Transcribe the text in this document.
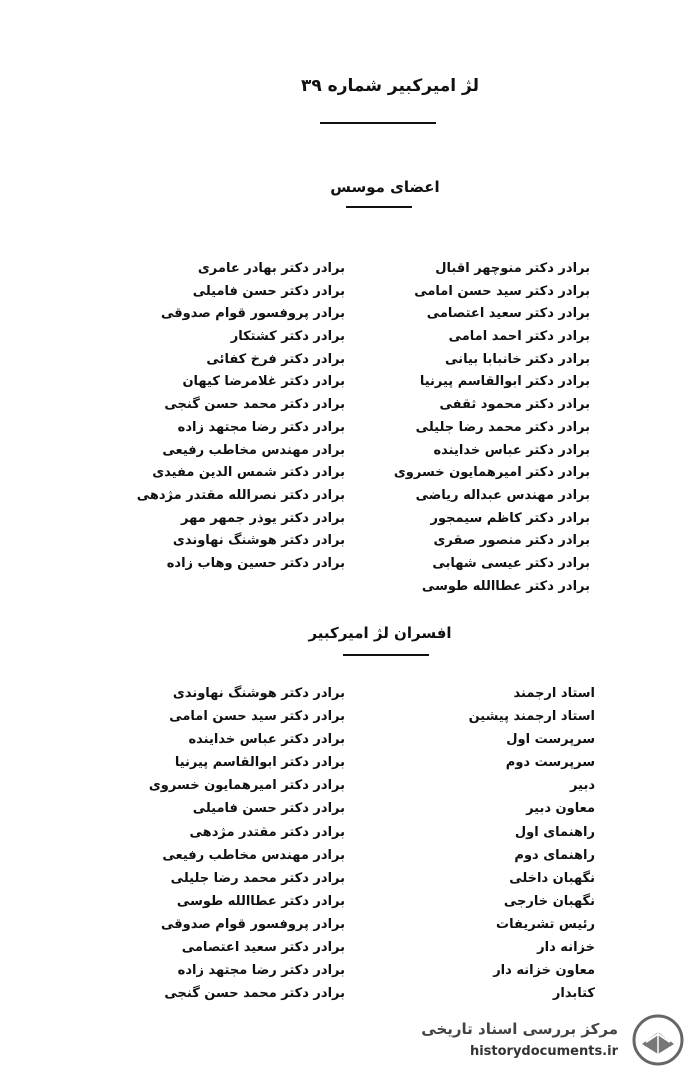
لژ امیرکبیر شماره ۳۹
اعضای موسس
برادر دکتر منوچهر اقبال
برادر دکتر سید حسن امامی
برادر دکتر سعید اعتصامی
برادر دکتر احمد امامی
برادر دکتر خانبابا بیانی
برادر دکتر ابوالقاسم پیرنیا
برادر دکتر محمود ثقفی
برادر دکتر محمد رضا جلیلی
برادر دکتر عباس خداینده
برادر دکتر امیرهمایون خسروی
برادر مهندس عبداله ریاضی
برادر دکتر کاظم سیمجور
برادر دکتر منصور صقری
برادر دکتر عیسی شهابی
برادر دکتر عطاالله طوسی
برادر دکتر بهادر عامری
برادر دکتر حسن فامیلی
برادر پروفسور قوام صدوقی
برادر دکتر کشتکار
برادر دکتر فرخ کفائی
برادر دکتر غلامرضا کیهان
برادر دکتر محمد حسن گنجی
برادر دکتر رضا مجتهد زاده
برادر مهندس مخاطب رفیعی
برادر دکتر شمس الدین مفیدی
برادر دکتر نصرالله مقتدر مژدهی
برادر دکتر یوذر جمهر مهر
برادر دکتر هوشنگ نهاوندی
برادر دکتر حسین وهاب زاده
افسران لژ امیرکبیر
استاد ارجمند
استاد ارجمند پیشین
سرپرست اول
سرپرست دوم
دبیر
معاون دبیر
راهنمای اول
راهنمای دوم
نگهبان داخلی
نگهبان خارجی
رئیس تشریفات
خزانه دار
معاون خزانه دار
کتابدار
برادر دکتر هوشنگ نهاوندی
برادر دکتر سید حسن امامی
برادر دکتر عباس خداینده
برادر دکتر ابوالقاسم پیرنیا
برادر دکتر امیرهمایون خسروی
برادر دکتر حسن فامیلی
برادر دکتر مقتدر مژدهی
برادر مهندس مخاطب رفیعی
برادر دکتر محمد رضا جلیلی
برادر دکتر عطاالله طوسی
برادر پروفسور قوام صدوقی
برادر دکتر سعید اعتصامی
برادر دکتر رضا مجتهد زاده
برادر دکتر محمد حسن گنجی
مرکز بررسی اسناد تاریخی
historydocuments.ir
